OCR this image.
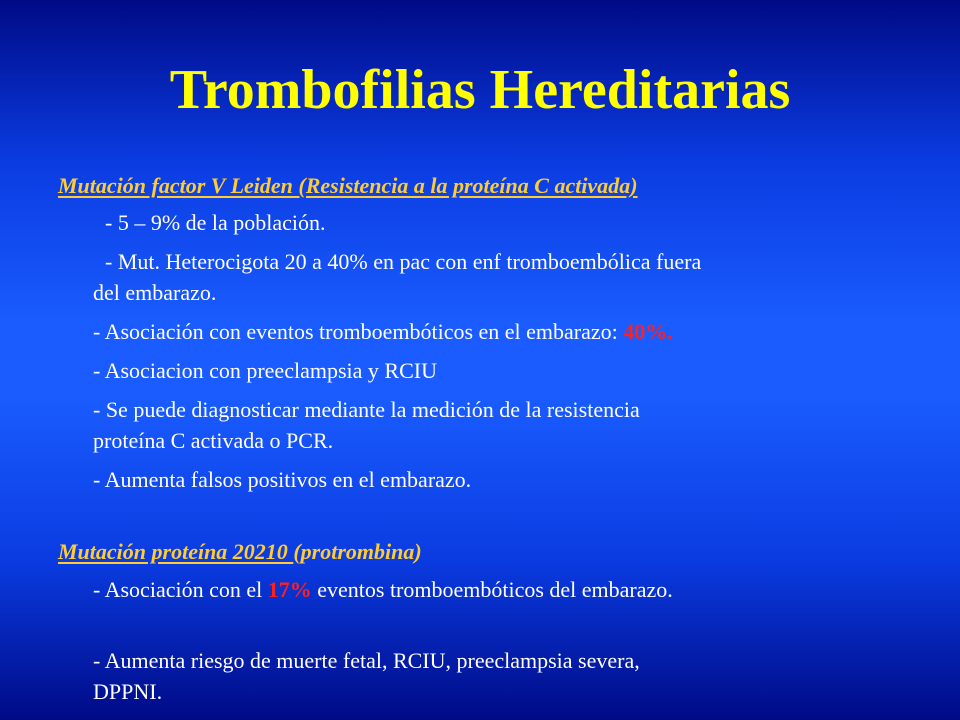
Trombofilias Hereditarias
Mutación factor V Leiden (Resistencia a la proteína C activada)
- 5 – 9% de la población.
- Mut. Heterocigota 20 a 40% en pac con enf tromboembólica fuera
del embarazo.
- Asociación con eventos tromboembóticos en el embarazo: 40%.
- Asociacion con preeclampsia y RCIU
- Se puede diagnosticar mediante la medición de la resistencia
proteína C activada o PCR.
- Aumenta falsos positivos en el embarazo.
Mutación proteína 20210 (protrombina)
- Asociación con el 17% eventos tromboembóticos del embarazo.
- Aumenta riesgo de muerte fetal, RCIU, preeclampsia severa,
DPPNI.
